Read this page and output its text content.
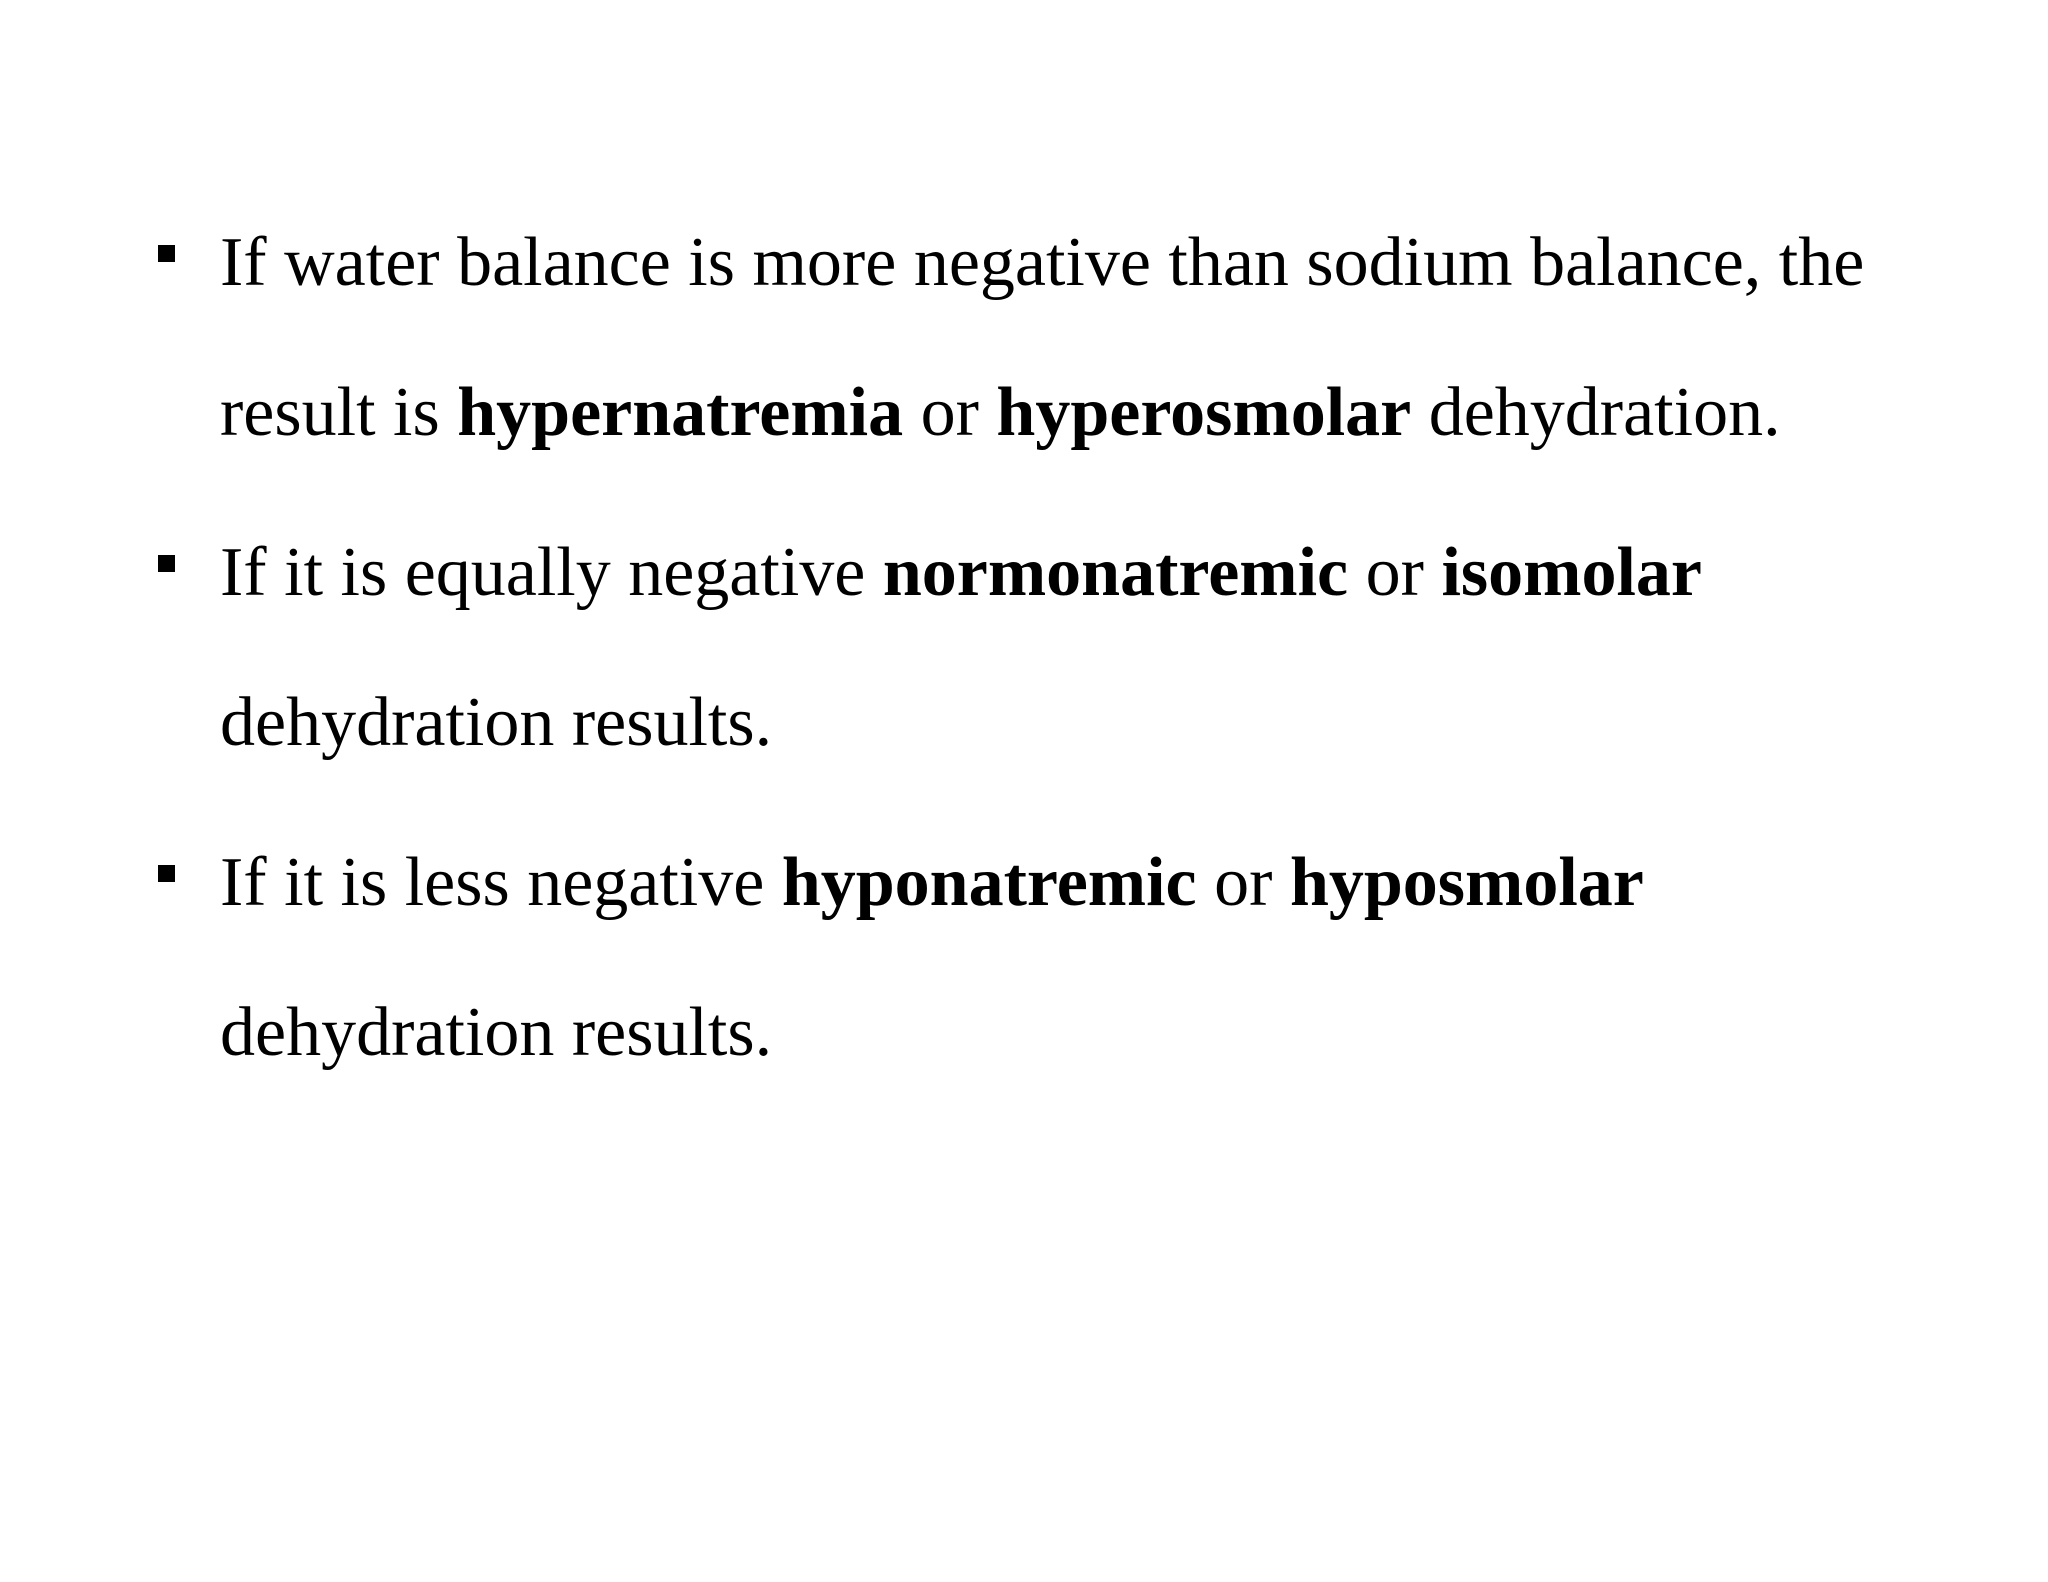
If water balance is more negative than sodium balance, the result is hypernatremia or hyperosmolar dehydration.
If it is equally negative normonatremic or isomolar dehydration results.
If it is less negative hyponatremic or hyposmolar dehydration results.
